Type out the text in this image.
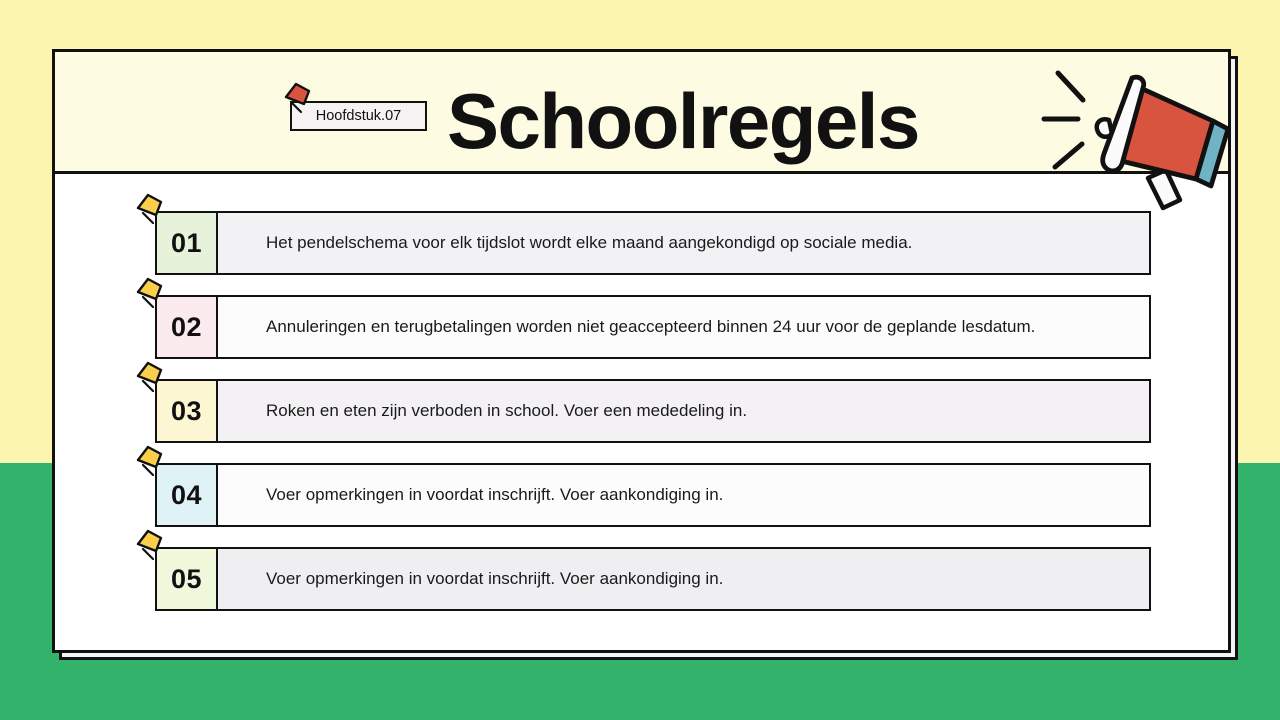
Hoofdstuk.07 Schoolregels
01	Het pendelschema voor elk tijdslot wordt elke maand aangekondigd op sociale media.
02	Annuleringen en terugbetalingen worden niet geaccepteerd binnen 24 uur voor de geplande lesdatum.
03	Roken en eten zijn verboden in school. Voer een mededeling in.
04	Voer opmerkingen in voordat inschrijft. Voer aankondiging in.
05	Voer opmerkingen in voordat inschrijft. Voer aankondiging in.
